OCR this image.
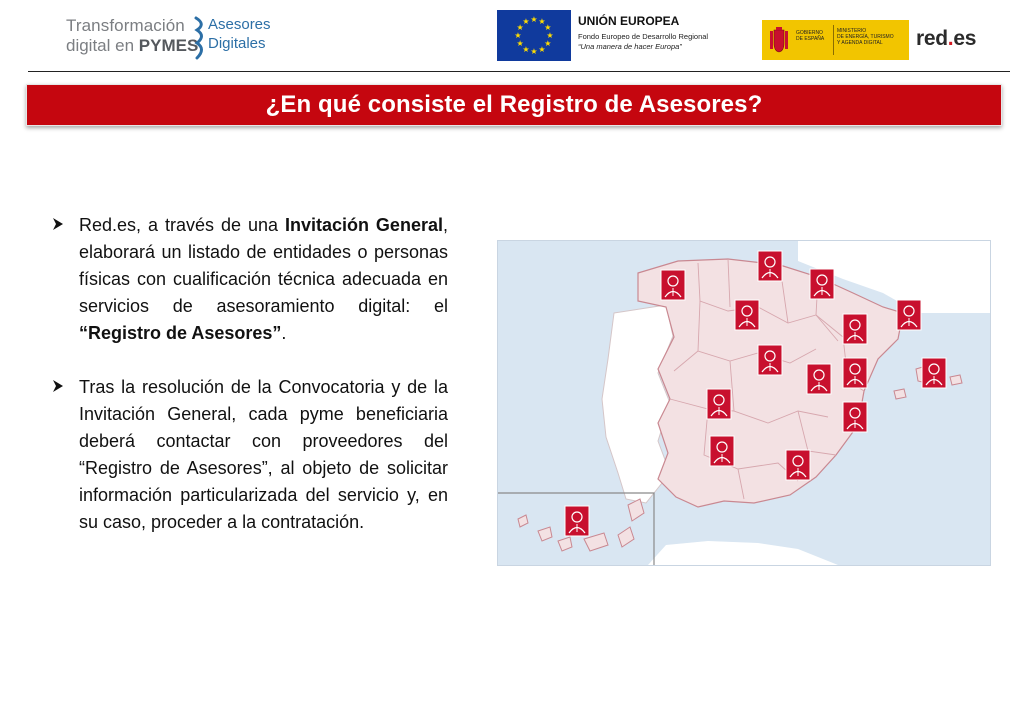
Transformación
digital en PYMES
Asesores
Digitales	★
★
★
★
★
★
★
★
★ ★ ★
★ UNIÓN EUROPEA
Fondo Europeo de Desarrollo Regional
“Una manera de hacer Europa”
GOBIERNO
DE ESPAÑA
MINISTERIO
DE ENERGÍA, TURISMO
Y AGENDA DIGITAL	red.es
¿En qué consiste el Registro de Asesores?

Red.es, a través de una Invitación General, elaborará un listado de entidades o personas físicas con cualificación técnica adecuada en servicios de asesoramiento digital: el “Registro de Asesores”.

Tras la resolución de la Convocatoria y de la Invitación General, cada pyme beneficiaria deberá contactar con proveedores del “Registro de Asesores”, al objeto de solicitar información particularizada del servicio y, en su caso, proceder a la contratación.
